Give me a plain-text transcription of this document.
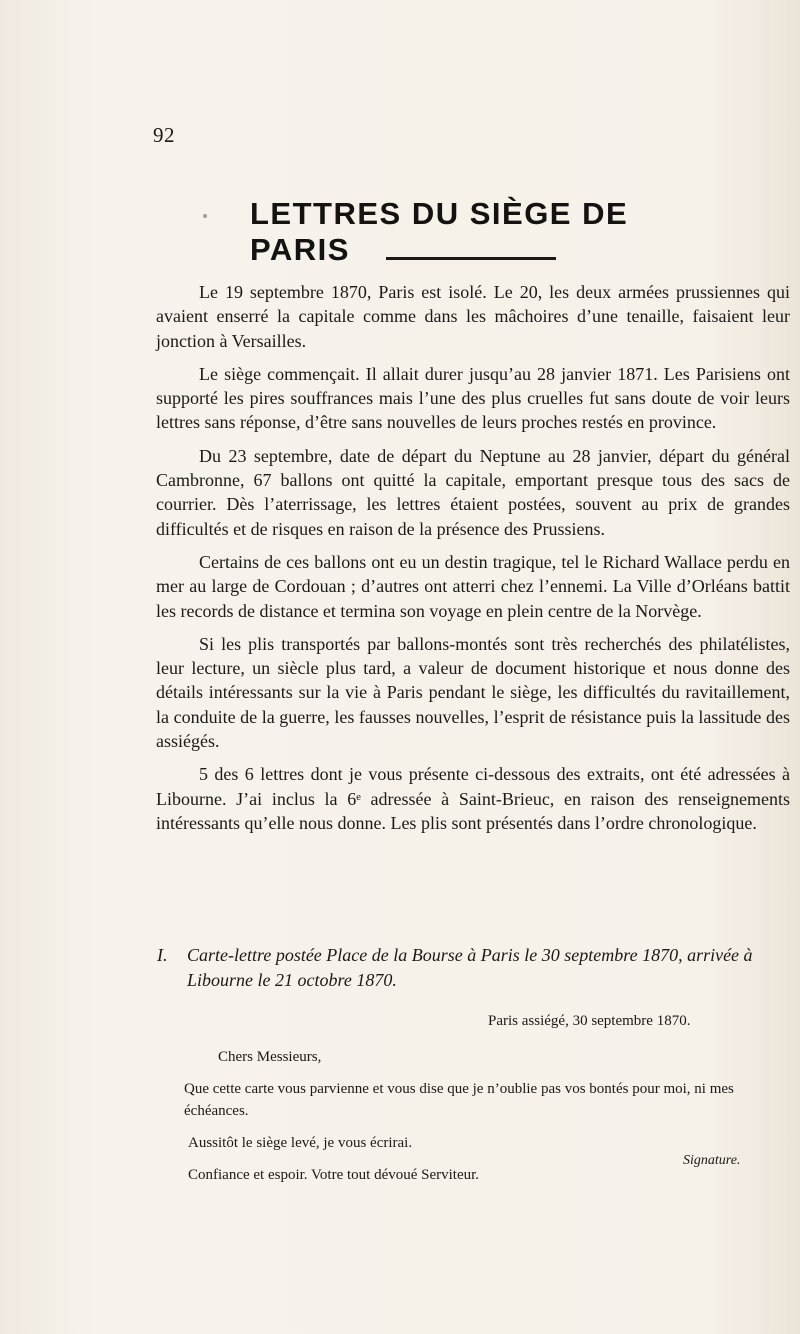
92
LETTRES DU SIÈGE DE PARIS

Le 19 septembre 1870, Paris est isolé. Le 20, les deux armées prussiennes qui avaient enserré la capitale comme dans les mâchoires d’une tenaille, faisaient leur jonction à Versailles.

Le siège commençait. Il allait durer jusqu’au 28 janvier 1871. Les Parisiens ont supporté les pires souffrances mais l’une des plus cruelles fut sans doute de voir leurs lettres sans réponse, d’être sans nouvelles de leurs proches restés en province.

Du 23 septembre, date de départ du Neptune au 28 janvier, départ du général Cambronne, 67 ballons ont quitté la capitale, emportant presque tous des sacs de courrier. Dès l’aterrissage, les lettres étaient postées, souvent au prix de grandes difficultés et de risques en raison de la présence des Prussiens.

Certains de ces ballons ont eu un destin tragique, tel le Richard Wallace perdu en mer au large de Cordouan ; d’autres ont atterri chez l’ennemi. La Ville d’Orléans battit les records de distance et termina son voyage en plein centre de la Norvège.

Si les plis transportés par ballons-montés sont très recherchés des philatélistes, leur lecture, un siècle plus tard, a valeur de document historique et nous donne des détails intéressants sur la vie à Paris pendant le siège, les difficultés du ravitaillement, la conduite de la guerre, les fausses nouvelles, l’esprit de résistance puis la lassitude des assiégés.

5 des 6 lettres dont je vous présente ci-dessous des extraits, ont été adressées à Libourne. J’ai inclus la 6ᵉ adressée à Saint-Brieuc, en raison des renseignements intéressants qu’elle nous donne. Les plis sont présentés dans l’ordre chronologique.

I.	Carte-lettre postée Place de la Bourse à Paris le 30 septembre 1870, arrivée à Libourne le 21 octobre 1870.
Paris assiégé, 30 septembre 1870.
Chers Messieurs,

Que cette carte vous parvienne et vous dise que je n’oublie pas vos bontés pour moi, ni mes échéances.

Aussitôt le siège levé, je vous écrirai.

Confiance et espoir. Votre tout dévoué Serviteur.

Signature.
